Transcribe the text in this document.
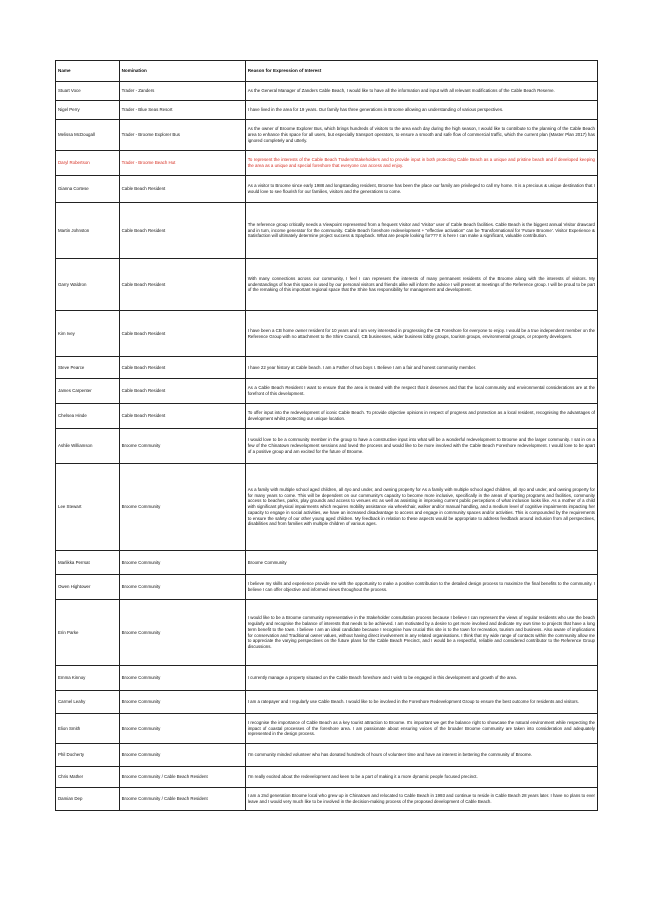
Name	Nomination	Reason for Expression of Interest
Stuart Voce	Trader - Zanders	As the General Manager of Zanders Cable Beach, I would like to have all the information and input with all relevant modifications of the Cable Beach Reserve.
Nigel Perry	Trader - Blue Seas Resort	I have lived in the area for 19 years. Our family has three generations in Broome allowing an understanding of various perspectives.
Melissa McDougall	Trader - Broome Explorer Bus	As the owner of Broome Explorer Bus, which brings hundreds of visitors to the area each day during the high season, I would like to contribute to the planning of the Cable Beach area to enhance this space for all users, but especially transport operators, to ensure a smooth and safe flow of commercial traffic, which the current plan (Master Plan 2017) has ignored completely and utterly.
Daryl Robertson	Trader - Broome Beach Hut	To represent the interests of the Cable Beach Traders/Stakeholders and to provide input in both protecting Cable Beach as a unique and pristine beach and if developed keeping the area as a unique and special foreshore that everyone can access and enjoy.
Gianna Cortese	Cable Beach Resident	As a visitor to Broome since early 1988 and longstanding resident, Broome has been the place our family are privileged to call my home. It is a precious & unique destination that I would love to see flourish for our families, visitors and the generations to come.
Martin Johnston	Cable Beach Resident	The reference group critically needs a Viewpoint represented from a frequent Visitor and 'Visitor' user of Cable Beach facilities. Cable Beach is the biggest annual Visitor drawcard and in turn, income generator for the community. Cable Beach foreshore redevelopment + "effective activation" can be Transformational for 'Future Broome'. Visitor Experience & Satisfaction will ultimately determine project success & Spayback. What are people looking for??? It is here I can make a significant, valuable contribution.
Garry Waldron	Cable Beach Resident	With many connections across our community, I feel I can represent the interests of many permanent residents of the Broome along with the interests of visitors. My understandings of how this space is used by our personal visitors and friends alike will inform the advice I will present at meetings of the Reference group. I will be proud to be part of the remaking of this important regional space that the Shire has responsibility for management and development.
Kim Ivey	Cable Beach Resident	I have been a CB home owner resident for 10 years and I am very interested in progressing the CB Foreshore for everyone to enjoy. I would be a true independent member on the Reference Group with no attachment to the Shire Council, CB businesses, wider business lobby groups, tourism groups, environmental groups, or property developers.
Steve Pearce	Cable Beach Resident	I have 22 year history at Cable beach. I am a Father of two boys I. Believe I am a fair and honest community member.
James Carpenter	Cable Beach Resident	As a Cable Beach Resident I want to ensure that the area is treated with the respect that it deserves and that the local community and environmental considerations are at the forefront of this development.
Chelsea Hinde	Cable Beach Resident	To offer input into the redevelopment of iconic Cable Beach. To provide objective opinions in respect of progress and protection as a local resident, recognising the advantages of development whilst protecting our unique location.
Ashlie Williamson	Broome Community	I would love to be a community member in the group to have a constructive input into what will be a wonderful redevelopment to Broome and the larger community. I sat in on a few of the Chinatown redevelopment sessions and loved the process and would like to be more involved with the Cable Beach Foreshore redevelopment. I would love to be apart of a positive group and am excited for the future of Broome.
Lee Stewart	Broome Community	As a family with multiple school aged children, all 4yo and under, and owning property for As a family with multiple school aged children, all 4yo and under, and owning property for for many years to come. This will be dependent on our community's capacity to become more inclusive, specifically in the areas of sporting programs and facilities, community access to beaches, parks, play grounds and access to venues etc as well as assisting in improving current public perceptions of what inclusion looks like. As a mother of a child with significant physical impairments which requires mobility assistance via wheelchair, walker and/or manual handling, and a medium level of cognitive impairments impacting her capacity to engage in social activities, we have an increased disadvantage to access and engage in community spaces and/or activities. This is compounded by the requirements to ensure the safety of our other young aged children. My feedback in relation to these aspects would be appropriate to address feedback around inclusion from all perspectives, disabilities and from families with multiple children of various ages.
Marlikka Perrsat	Broome Community	Broome Community
Owen Hightower	Broome Community	I believe my skills and experience provide me with the opportunity to make a positive contribution to the detailed design process to maximize the final benefits to the community. I believe I can offer objective and informed views throughout the process.
Erin Parke	Broome Community	I would like to be a Broome community representative in the Stakeholder consultation process because I believe I can represent the views of regular residents who use the beach regularly and recognise the balance of interests that needs to be achieved. I am motivated by a desire to get more involved and dedicate my own time to projects that have a long term benefit to the town. I believe I am an ideal candidate because I recognise how crucial this site is to the town for recreation, tourism and business. Also aware of implications for conservation and Traditional owner values, without having direct involvement in any related organisations. I think that my wide range of contacts within the community allow me to appreciate the varying perspectives on the future plans for the Cable Beach Precinct, and I would be a respectful, reliable and considered contributor to the Reference Group discussions.
Emma Kinnoy	Broome Community	I currently manage a property situated on the Cable Beach foreshore and I wish to be engaged in this development and growth of the area.
Carmel Leahy	Broome Community	I am a ratepayer and I regularly use Cable Beach. I would like to be involved in the Foreshore Redevelopment Group to ensure the best outcome for residents and visitors.
Elion Smith	Broome Community	I recognise the importance of Cable Beach as a key tourist attraction to Broome. It's important we get the balance right to showcase the natural environment while respecting the impact of coastal processes of the foreshore area. I am passionate about ensuring voices of the broader Broome community are taken into consideration and adequately represented in the design process.
Phil Docherty	Broome Community	I'm community minded volunteer who has donated hundreds of hours of volunteer time and have an interest in bettering the community of Broome.
Chris Mather	Broome Community / Cable Beach Resident	I'm really excited about the redevelopment and keen to be a part of making it a more dynamic people focused precinct.
Damian Dep	Broome Community / Cable Beach Resident	I am a 2nd generation Broome local who grew up in Chinatown and relocated to Cable Beach in 1993 and continue to reside in Cable Beach 28 years later. I have no plans to ever leave and I would very much like to be involved in the decision-making process of the proposed development of Cable Beach.
